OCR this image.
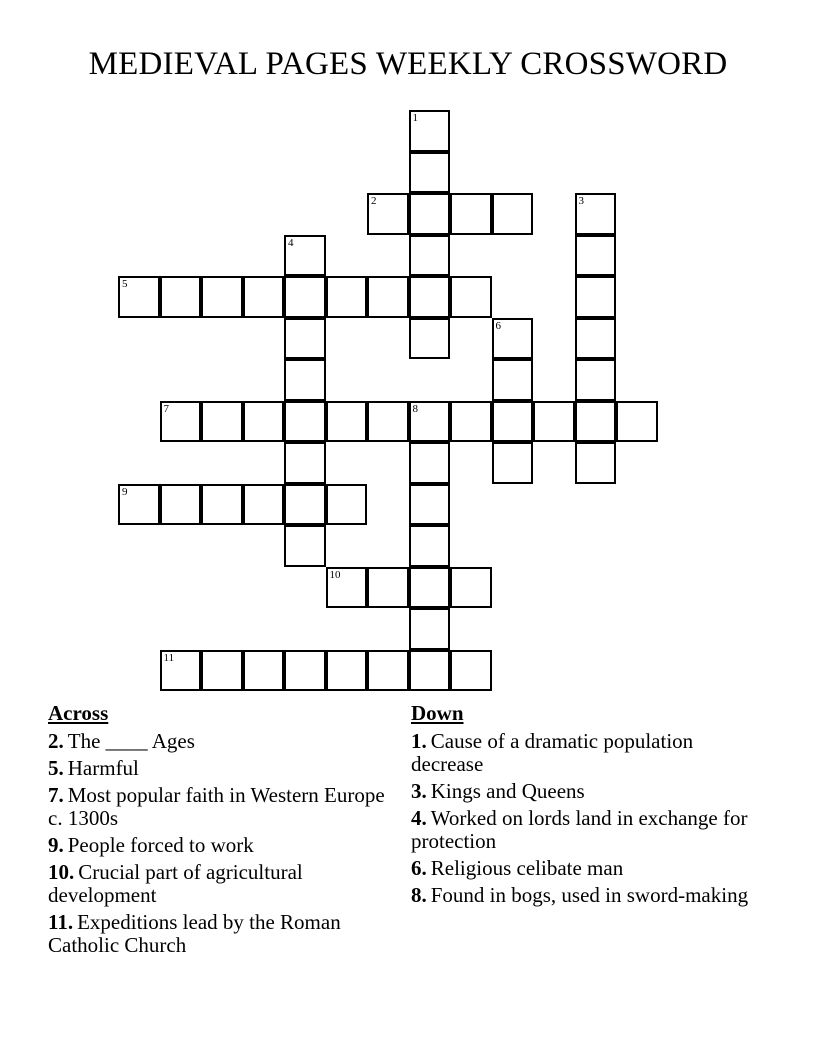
MEDIEVAL PAGES WEEKLY CROSSWORD
1
2	3
4
5
6
7	8
9
10
11
Across
2. The ____ Ages
5. Harmful
7. Most popular faith in Western Europe c. 1300s
9. People forced to work
10. Crucial part of agricultural development
11. Expeditions lead by the Roman Catholic Church
Down
1. Cause of a dramatic population decrease
3. Kings and Queens
4. Worked on lords land in exchange for protection
6. Religious celibate man
8. Found in bogs, used in sword-making
